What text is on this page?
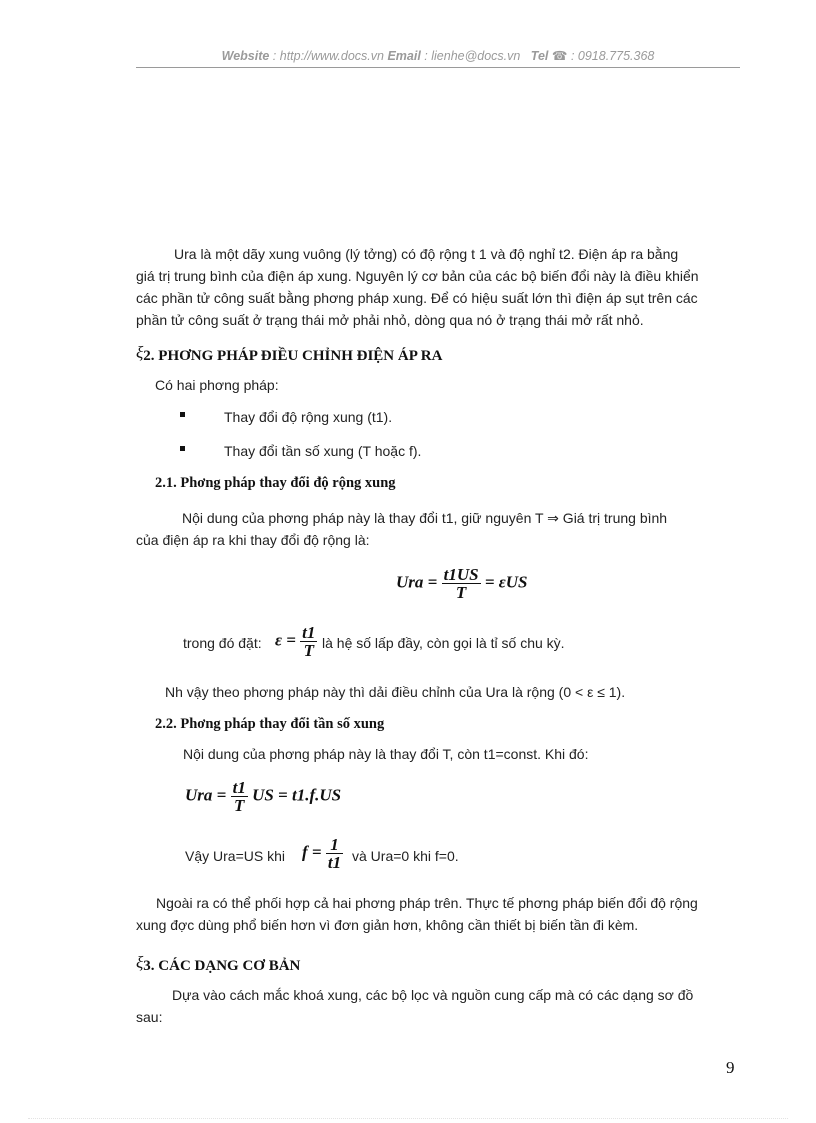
Website : http://www.docs.vn Email : lienhe@docs.vn Tel ☎ : 0918.775.368
Ura là một dãy xung vuông (lý tởng) có độ rộng t 1 và độ nghỉ t2. Điện áp ra bằng
giá trị trung bình của điện áp xung. Nguyên lý cơ bản của các bộ biến đổi này là điều khiển
các phần tử công suất bằng phơng pháp xung. Để có hiệu suất lớn thì điện áp sụt trên các
phần tử công suất ở trạng thái mở phải nhỏ, dòng qua nó ở trạng thái mở rất nhỏ.
ξ2. PHƠNG PHÁP ĐIỀU CHỈNH ĐIỆN ÁP RA
Có hai phơng pháp:
Thay đổi độ rộng xung (t1).
Thay đổi tần số xung (T hoặc f).
2.1. Phơng pháp thay đổi độ rộng xung
Nội dung của phơng pháp này là thay đổi t1, giữ nguyên T ⇒ Giá trị trung bình
của điện áp ra khi thay đổi độ rộng là:
Ura = $\frac{t1US}{T} = \varepsilon US$
trong đó đặt: $\varepsilon = \frac{t1}{T}$ là hệ số lấp đầy, còn gọi là tỉ số chu kỳ.
Nh vậy theo phơng pháp này thì dải điều chỉnh của Ura là rộng (0 < ε ≤ 1).
2.2. Phơng pháp thay đổi tần số xung
Nội dung của phơng pháp này là thay đổi T, còn t1=const. Khi đó:
Ura = $\frac{t1}{T}$ US = t1.f.US
Vậy Ura=US khi $f = \frac{1}{t1}$ và Ura=0 khi f=0.
Ngoài ra có thể phối hợp cả hai phơng pháp trên. Thực tế phơng pháp biến đổi độ rộng
xung đợc dùng phổ biến hơn vì đơn giản hơn, không cần thiết bị biến tần đi kèm.
ξ3. CÁC DẠNG CƠ BẢN
Dựa vào cách mắc khoá xung, các bộ lọc và nguồn cung cấp mà có các dạng sơ đồ
sau:
9
